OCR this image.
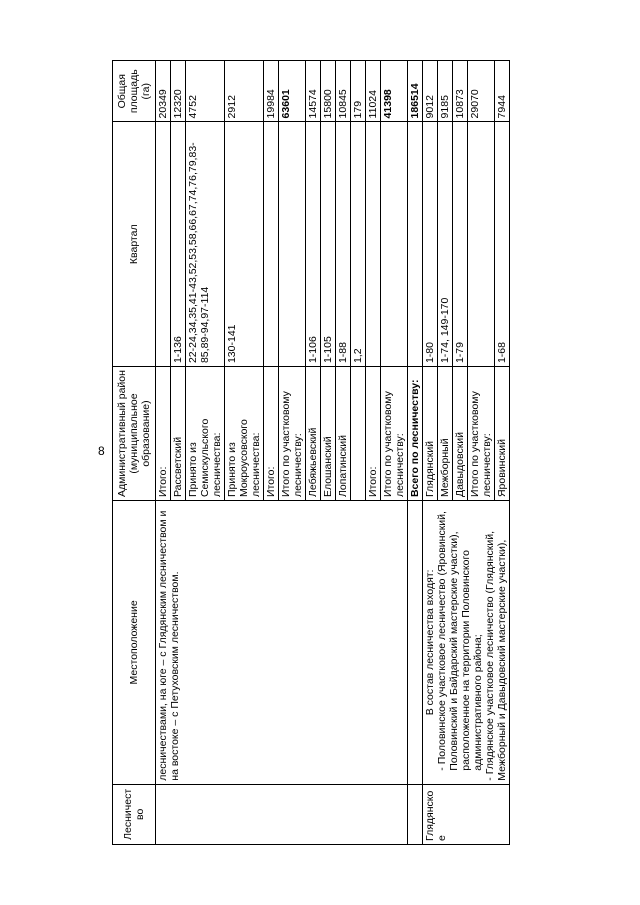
8
Лесничество	Местоположение	Административный район (муниципальное образование)	Квартал	Общая площадь (га)
	лесничествами, на юге – с Глядянским лесничеством и на востоке – с Петуховским лесничеством.	Итого:		20349
		Рассветский	1-136	12320
		Принято из Семискульского лесничества:	22-24,34,35,41-43,52,53,58,66,67,74,76,79,83-85,89-94,97-114	4752
		Принято из Мокроусовского лесничества:	130-141	2912
		Итого:		19984
		Итого по участковому лесничеству:		63601
		Лебяжьевский	1-106	14574
		Елошанский	1-105	15800
		Лопатинский	1-88	10845
			1,2	179
		Итого:		11024
		Итого по участковому лесничеству:		41398
		Всего по лесничеству:		186514
Глядянское	В состав лесничества входят: - Половинское участковое лесничество (Яровинский, Половинский и Байдарский мастерские участки), расположенное на территории Половинского административного района; - Глядянское участковое лесничество (Глядянский, Межборный и Давыдовский мастерские участки),	Глядянский	1-80	9012
		Межборный	1-74, 149-170	9185
		Давыдовский	1-79	10873
		Итого по участковому лесничеству:		29070
		Яровинский	1-68	7944
